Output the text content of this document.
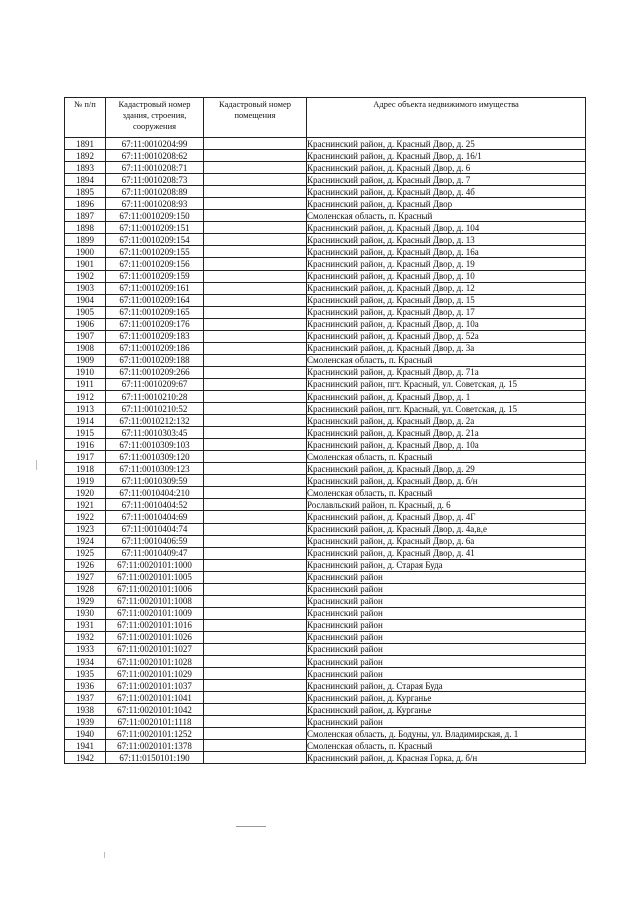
№ п/п	Кадастровый номер здания, строения, сооружения	Кадастровый номер помещения	Адрес объекта недвижимого имущества
1891	67:11:0010204:99		Краснинский район, д. Красный Двор, д. 25
1892	67:11:0010208:62		Краснинский район, д. Красный Двор, д. 16/1
1893	67:11:0010208:71		Краснинский район, д. Красный Двор, д. 6
1894	67:11:0010208:73		Краснинский район, д. Красный Двор, д. 7
1895	67:11:0010208:89		Краснинский район, д. Красный Двор, д. 4б
1896	67:11:0010208:93		Краснинский район, д. Красный Двор
1897	67:11:0010209:150		Смоленская область, п. Красный
1898	67:11:0010209:151		Краснинский район, д. Красный Двор, д. 104
1899	67:11:0010209:154		Краснинский район, д. Красный Двор, д. 13
1900	67:11:0010209:155		Краснинский район, д. Красный Двор, д. 16а
1901	67:11:0010209:156		Краснинский район, д. Красный Двор, д. 19
1902	67:11:0010209:159		Краснинский район, д. Красный Двор, д. 10
1903	67:11:0010209:161		Краснинский район, д. Красный Двор, д. 12
1904	67:11:0010209:164		Краснинский район, д. Красный Двор, д. 15
1905	67:11:0010209:165		Краснинский район, д. Красный Двор, д. 17
1906	67:11:0010209:176		Краснинский район, д. Красный Двор, д. 10а
1907	67:11:0010209:183		Краснинский район, д. Красный Двор, д. 52а
1908	67:11:0010209:186		Краснинский район, д. Красный Двор, д. 3а
1909	67:11:0010209:188		Смоленская область, п. Красный
1910	67:11:0010209:266		Краснинский район, д. Красный Двор, д. 71а
1911	67:11:0010209:67		Краснинский район, пгт. Красный, ул. Советская, д. 15
1912	67:11:0010210:28		Краснинский район, д. Красный Двор, д. 1
1913	67:11:0010210:52		Краснинский район, пгт. Красный, ул. Советская, д. 15
1914	67:11:0010212:132		Краснинский район, д. Красный Двор, д. 2а
1915	67:11:0010303:45		Краснинский район, д. Красный Двор, д. 21а
1916	67:11:0010309:103		Краснинский район, д. Красный Двор, д. 10а
1917	67:11:0010309:120		Смоленская область, п. Красный
1918	67:11:0010309:123		Краснинский район, д. Красный Двор, д. 29
1919	67:11:0010309:59		Краснинский район, д. Красный Двор, д. б/н
1920	67:11:0010404:210		Смоленская область, п. Красный
1921	67:11:0010404:52		Рославльский район, п. Красный, д. 6
1922	67:11:0010404:69		Краснинский район, д. Красный Двор, д. 4Г
1923	67:11:0010404:74		Краснинский район, д. Красный Двор, д. 4а,в,е
1924	67:11:0010406:59		Краснинский район, д. Красный Двор, д. 6а
1925	67:11:0010409:47		Краснинский район, д. Красный Двор, д. 41
1926	67:11:0020101:1000		Краснинский район, д. Старая Буда
1927	67:11:0020101:1005		Краснинский район
1928	67:11:0020101:1006		Краснинский район
1929	67:11:0020101:1008		Краснинский район
1930	67:11:0020101:1009		Краснинский район
1931	67:11:0020101:1016		Краснинский район
1932	67:11:0020101:1026		Краснинский район
1933	67:11:0020101:1027		Краснинский район
1934	67:11:0020101:1028		Краснинский район
1935	67:11:0020101:1029		Краснинский район
1936	67:11:0020101:1037		Краснинский район, д. Старая Буда
1937	67:11:0020101:1041		Краснинский район, д. Курганье
1938	67:11:0020101:1042		Краснинский район, д. Курганье
1939	67:11:0020101:1118		Краснинский район
1940	67:11:0020101:1252		Смоленская область, д. Бодуны, ул. Владимирская, д. 1
1941	67:11:0020101:1378		Смоленская область, п. Красный
1942	67:11:0150101:190		Краснинский район, д. Красная Горка, д. б/н
